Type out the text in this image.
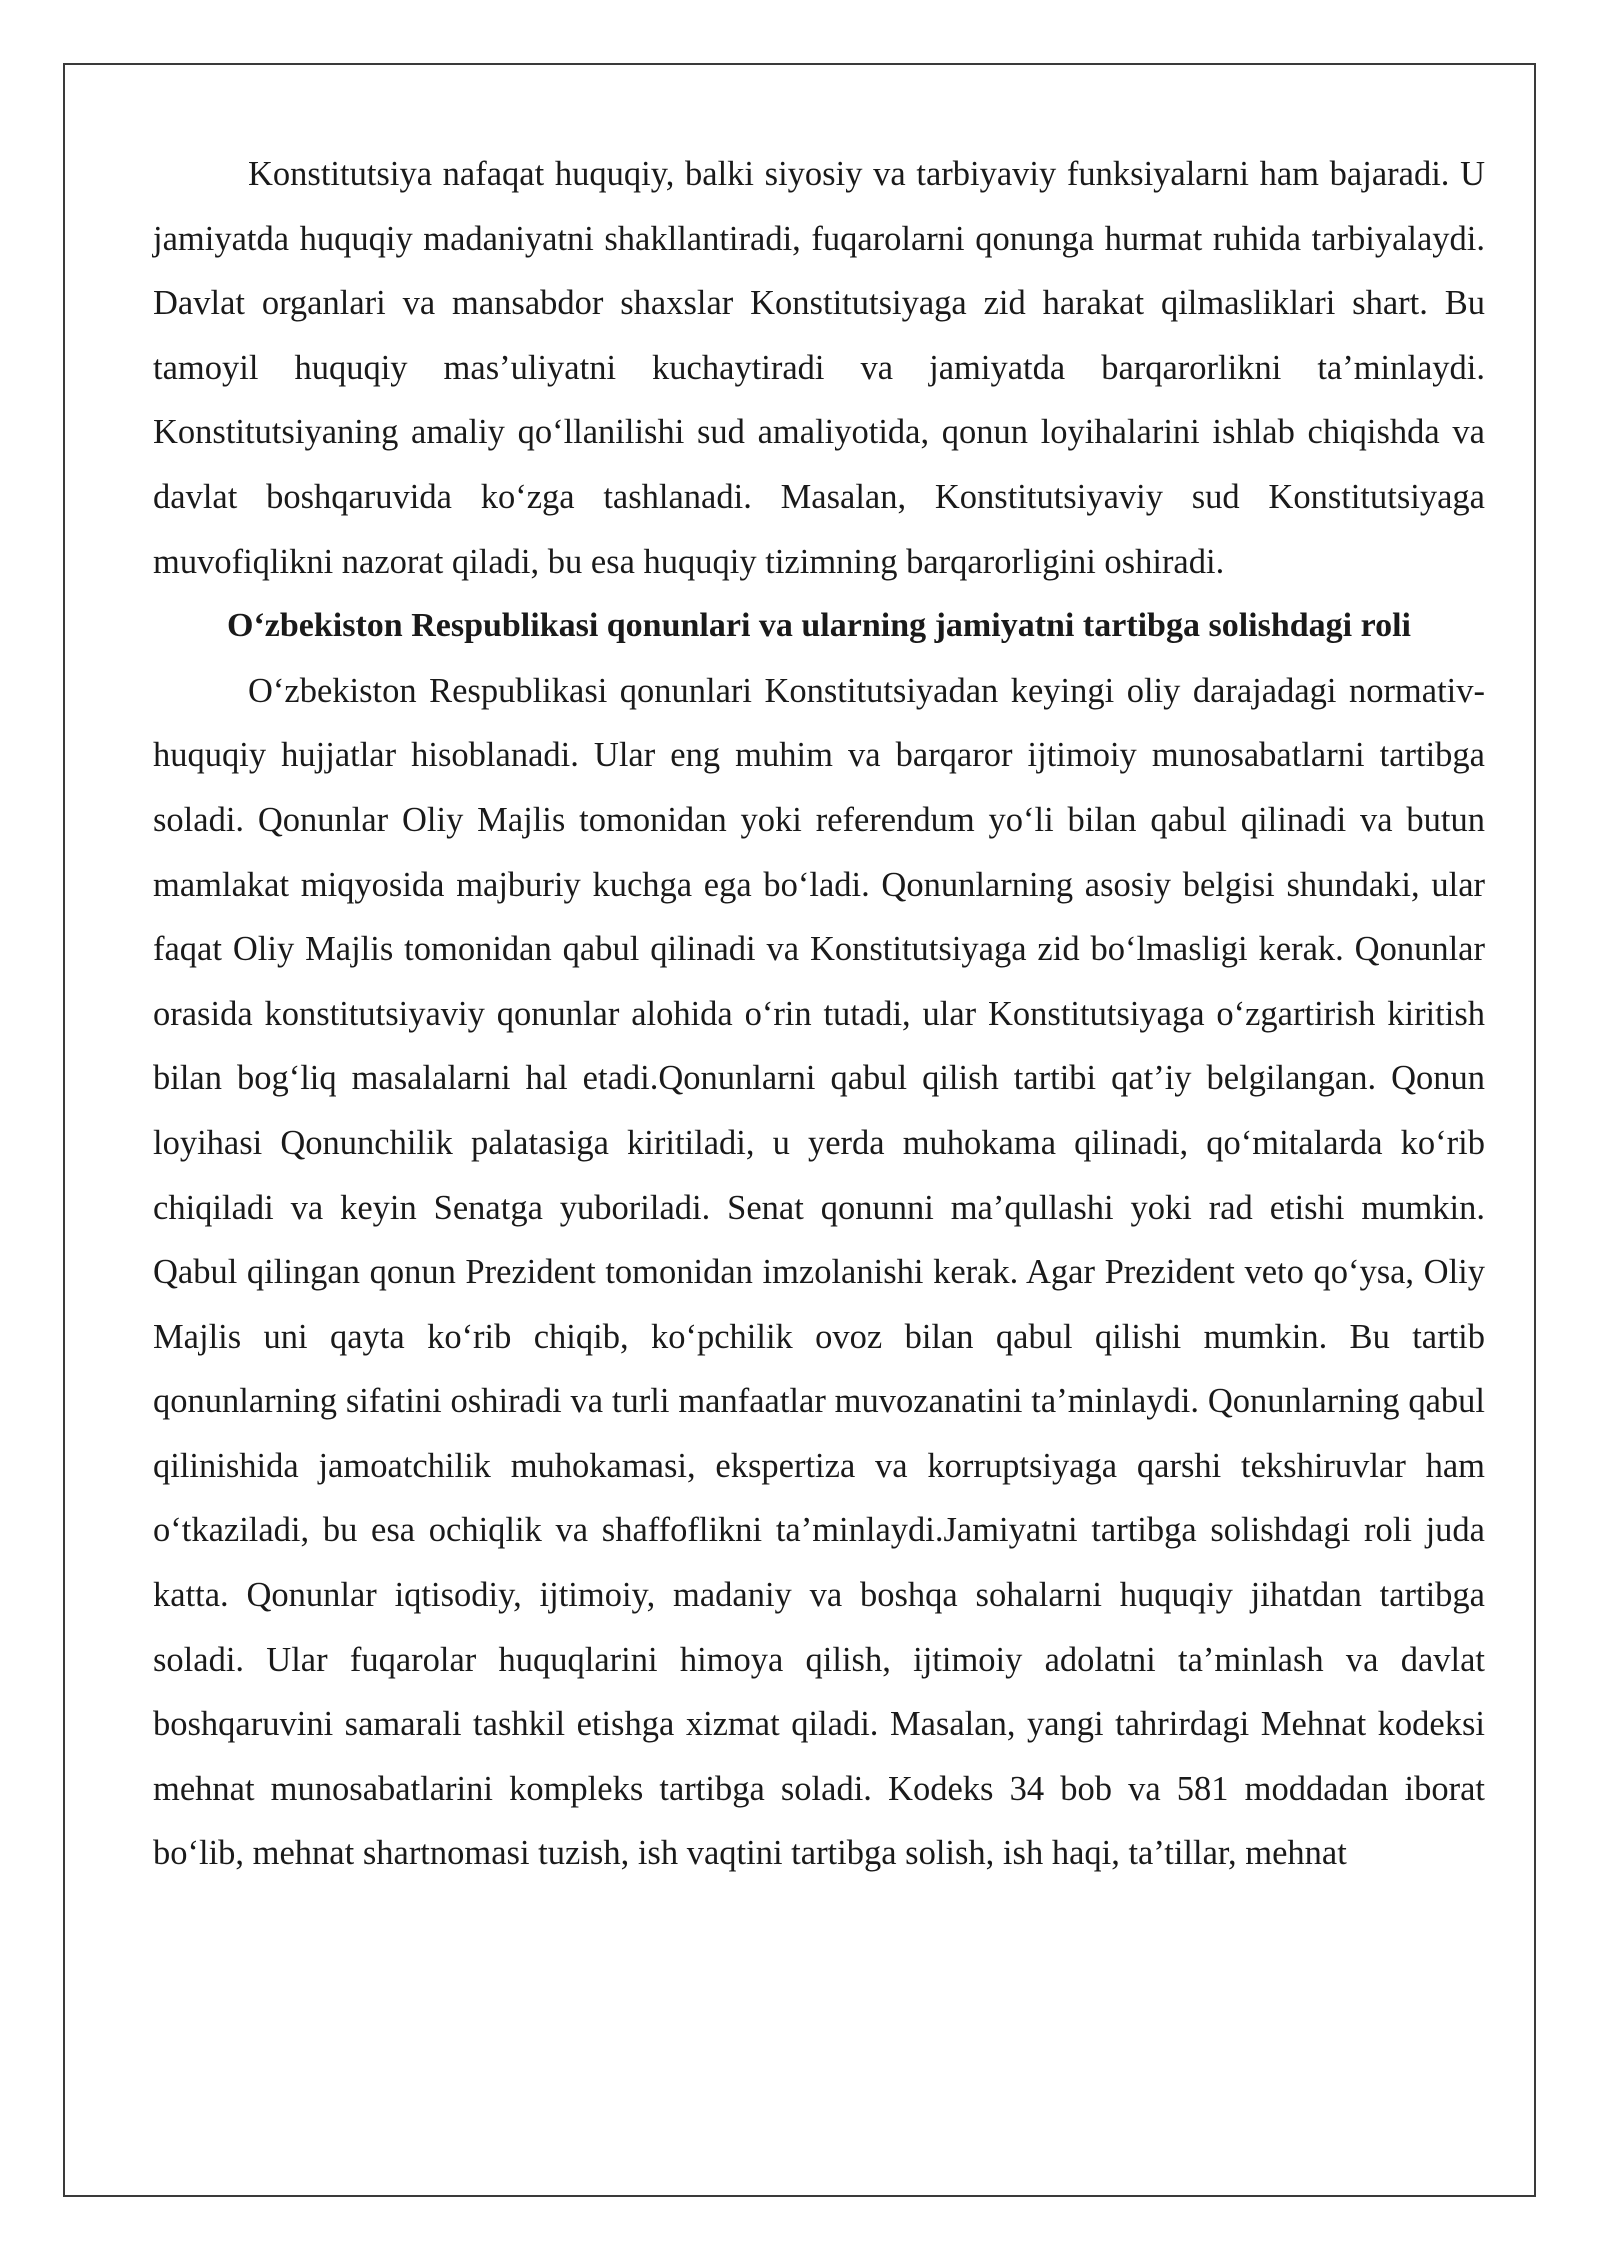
Konstitutsiya nafaqat huquqiy, balki siyosiy va tarbiyaviy funksiyalarni ham bajaradi. U jamiyatda huquqiy madaniyatni shakllantiradi, fuqarolarni qonunga hurmat ruhida tarbiyalaydi. Davlat organlari va mansabdor shaxslar Konstitutsiyaga zid harakat qilmasliklari shart. Bu tamoyil huquqiy mas’uliyatni kuchaytiradi va jamiyatda barqarorlikni ta’minlaydi. Konstitutsiyaning amaliy qo‘llanilishi sud amaliyotida, qonun loyihalarini ishlab chiqishda va davlat boshqaruvida ko‘zga tashlanadi. Masalan, Konstitutsiyaviy sud Konstitutsiyaga muvofiqlikni nazorat qiladi, bu esa huquqiy tizimning barqarorligini oshiradi.

O‘zbekiston Respublikasi qonunlari va ularning jamiyatni tartibga solishdagi roli

O‘zbekiston Respublikasi qonunlari Konstitutsiyadan keyingi oliy darajadagi normativ-huquqiy hujjatlar hisoblanadi. Ular eng muhim va barqaror ijtimoiy munosabatlarni tartibga soladi. Qonunlar Oliy Majlis tomonidan yoki referendum yo‘li bilan qabul qilinadi va butun mamlakat miqyosida majburiy kuchga ega bo‘ladi. Qonunlarning asosiy belgisi shundaki, ular faqat Oliy Majlis tomonidan qabul qilinadi va Konstitutsiyaga zid bo‘lmasligi kerak. Qonunlar orasida konstitutsiyaviy qonunlar alohida o‘rin tutadi, ular Konstitutsiyaga o‘zgartirish kiritish bilan bog‘liq masalalarni hal etadi.Qonunlarni qabul qilish tartibi qat’iy belgilangan. Qonun loyihasi Qonunchilik palatasiga kiritiladi, u yerda muhokama qilinadi, qo‘mitalarda ko‘rib chiqiladi va keyin Senatga yuboriladi. Senat qonunni ma’qullashi yoki rad etishi mumkin. Qabul qilingan qonun Prezident tomonidan imzolanishi kerak. Agar Prezident veto qo‘ysa, Oliy Majlis uni qayta ko‘rib chiqib, ko‘pchilik ovoz bilan qabul qilishi mumkin. Bu tartib qonunlarning sifatini oshiradi va turli manfaatlar muvozanatini ta’minlaydi. Qonunlarning qabul qilinishida jamoatchilik muhokamasi, ekspertiza va korruptsiyaga qarshi tekshiruvlar ham o‘tkaziladi, bu esa ochiqlik va shaffoflikni ta’minlaydi.Jamiyatni tartibga solishdagi roli juda katta. Qonunlar iqtisodiy, ijtimoiy, madaniy va boshqa sohalarni huquqiy jihatdan tartibga soladi. Ular fuqarolar huquqlarini himoya qilish, ijtimoiy adolatni ta’minlash va davlat boshqaruvini samarali tashkil etishga xizmat qiladi. Masalan, yangi tahrirdagi Mehnat kodeksi mehnat munosabatlarini kompleks tartibga soladi. Kodeks 34 bob va 581 moddadan iborat bo‘lib, mehnat shartnomasi tuzish, ish vaqtini tartibga solish, ish haqi, ta’tillar, mehnat
